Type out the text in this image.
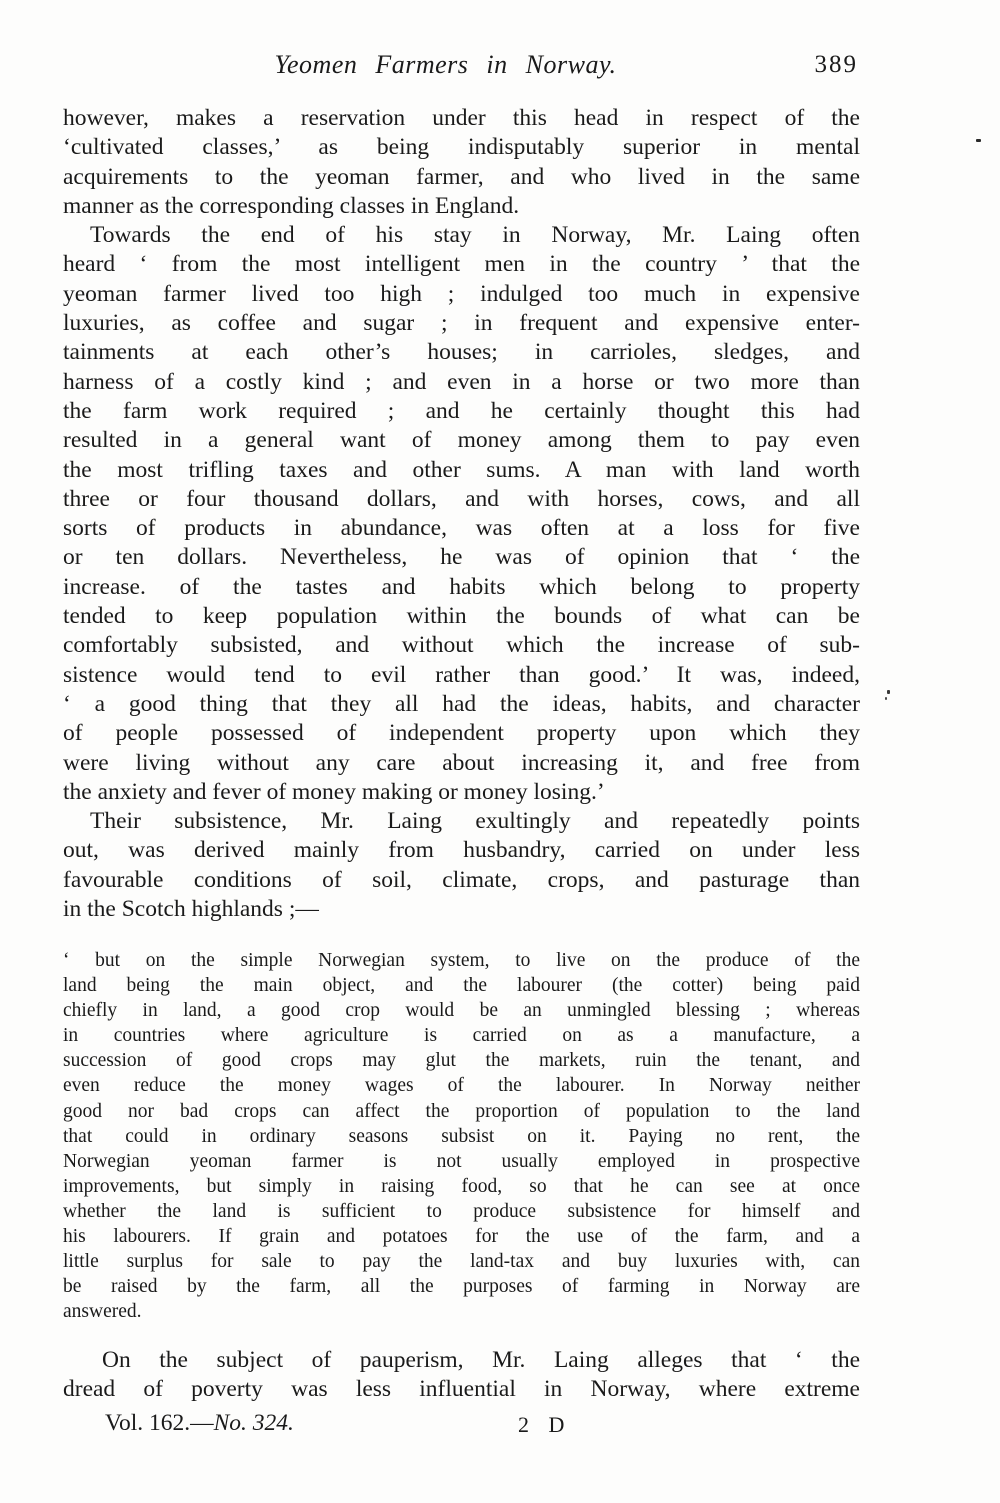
Yeomen Farmers in Norway.	389
however, makes a reservation under this head in respect of the
‘cultivated classes,’ as being indisputably superior in mental
acquirements to the yeoman farmer, and who lived in the same
manner as the corresponding classes in England.
Towards the end of his stay in Norway, Mr. Laing often
heard ‘ from the most intelligent men in the country ’ that the
yeoman farmer lived too high ; indulged too much in expensive
luxuries, as coffee and sugar ; in frequent and expensive enter-
tainments at each other’s houses; in carrioles, sledges, and
harness of a costly kind ; and even in a horse or two more than
the farm work required ; and he certainly thought this had
resulted in a general want of money among them to pay even
the most trifling taxes and other sums. A man with land worth
three or four thousand dollars, and with horses, cows, and all
sorts of products in abundance, was often at a loss for five
or ten dollars. Nevertheless, he was of opinion that ‘ the
increase. of the tastes and habits which belong to property
tended to keep population within the bounds of what can be
comfortably subsisted, and without which the increase of sub-
sistence would tend to evil rather than good.’ It was, indeed,
‘ a good thing that they all had the ideas, habits, and character
of people possessed of independent property upon which they
were living without any care about increasing it, and free from
the anxiety and fever of money making or money losing.’
Their subsistence, Mr. Laing exultingly and repeatedly points
out, was derived mainly from husbandry, carried on under less
favourable conditions of soil, climate, crops, and pasturage than
in the Scotch highlands ;—
‘ but on the simple Norwegian system, to live on the produce of the
land being the main object, and the labourer (the cotter) being paid
chiefly in land, a good crop would be an unmingled blessing ; whereas
in countries where agriculture is carried on as a manufacture, a
succession of good crops may glut the markets, ruin the tenant, and
even reduce the money wages of the labourer. In Norway neither
good nor bad crops can affect the proportion of population to the land
that could in ordinary seasons subsist on it. Paying no rent, the
Norwegian yeoman farmer is not usually employed in prospective
improvements, but simply in raising food, so that he can see at once
whether the land is sufficient to produce subsistence for himself and
his labourers. If grain and potatoes for the use of the farm, and a
little surplus for sale to pay the land-tax and buy luxuries with, can
be raised by the farm, all the purposes of farming in Norway are
answered.
On the subject of pauperism, Mr. Laing alleges that ‘ the
dread of poverty was less influential in Norway, where extreme
Vol. 162.—No. 324.	2 D
